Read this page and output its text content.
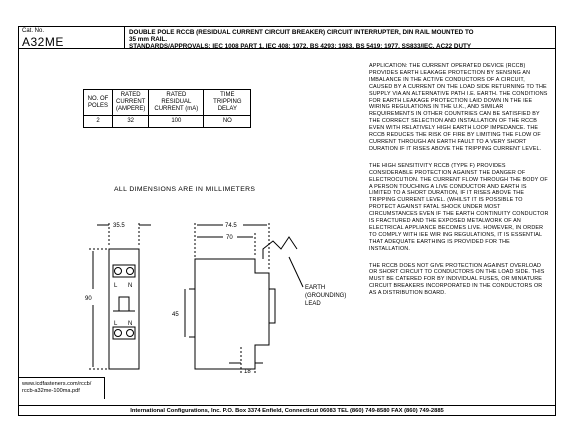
Cat. No.
A32ME
DOUBLE POLE RCCB (RESIDUAL CURRENT CIRCUIT BREAKER) CIRCUIT INTERRUPTER, DIN RAIL MOUNTED TO
35 mm RAIL.
STANDARDS/APPROVALS: IEC 1008 PART 1, IEC 408: 1972, BS 4293: 1983, BS 5419: 1977, SS833/IEC, AC22 DUTY
NO. OF POLES	RATED CURRENT (AMPERE)	RATED RESIDUAL CURRENT (mA)	TIME TRIPPING DELAY
2	32	100	NO
ALL DIMENSIONS ARE IN MILLIMETERS
35.5
90
L N
L N
74.5
70
45
18
EARTH
(GROUNDING)
LEAD

APPLICATION: THE CURRENT OPERATED DEVICE (RCCB) PROVIDES EARTH LEAKAGE PROTECTION BY SENSING AN IMBALANCE IN THE ACTIVE CONDUCTORS OF A CIRCUIT, CAUSED BY A CURRENT ON THE LOAD SIDE RETURNING TO THE SUPPLY VIA AN ALTERNATIVE PATH I.E. EARTH. THE CONDITIONS FOR EARTH LEAKAGE PROTECTION LAID DOWN IN THE IEE WIRING REGULATIONS IN THE U.K., AND SIMILAR REQUIREMENTS IN OTHER COUNTRIES CAN BE SATISFIED BY THE CORRECT SELECTION AND INSTALLATION OF THE RCCB EVEN WITH RELATIVELY HIGH EARTH LOOP IMPEDANCE. THE RCCB REDUCES THE RISK OF FIRE BY LIMITING THE FLOW OF CURRENT THROUGH AN EARTH FAULT TO A VERY SHORT DURATION IF IT RISES ABOVE THE TRIPPING CURRENT LEVEL.

THE HIGH SENSITIVITY RCCB (TYPE F) PROVIDES CONSIDERABLE PROTECTION AGAINST THE DANGER OF ELECTROCUTION. THE CURRENT FLOW THROUGH THE BODY OF A PERSON TOUCHING A LIVE CONDUCTOR AND EARTH IS LIMITED TO A SHORT DURATION, IF IT RISES ABOVE THE TRIPPING CURRENT LEVEL. (WHILST IT IS POSSIBLE TO PROTECT AGAINST FATAL SHOCK UNDER MOST CIRCUMSTANCES EVEN IF THE EARTH CONTINUITY CONDUCTOR IS FRACTURED AND THE EXPOSED METALWORK OF AN ELECTRICAL APPLIANCE BECOMES LIVE. HOWEVER, IN ORDER TO COMPLY WITH IEE WIR ING REGULATIONS, IT IS ESSENTIAL THAT ADEQUATE EARTHING IS PROVIDED FOR THE INSTALLATION.

THE RCCB DOES NOT GIVE PROTECTION AGAINST OVERLOAD OR SHORT CIRCUIT TO CONDUCTORS ON THE LOAD SIDE. THIS MUST BE CATERED FOR BY INDIVIDUAL FUSES, OR MINIATURE CIRCUIT BREAKERS INCORPORATED IN THE CONDUCTORS OR AS A DISTRIBUTION BOARD.

www.icdfasteners.com/rccb/
rccb-a32me-100ma.pdf
International Configurations, Inc. P.O. Box 3374 Enfield, Connecticut 06083 TEL (860) 749-8580 FAX (860) 749-2885
